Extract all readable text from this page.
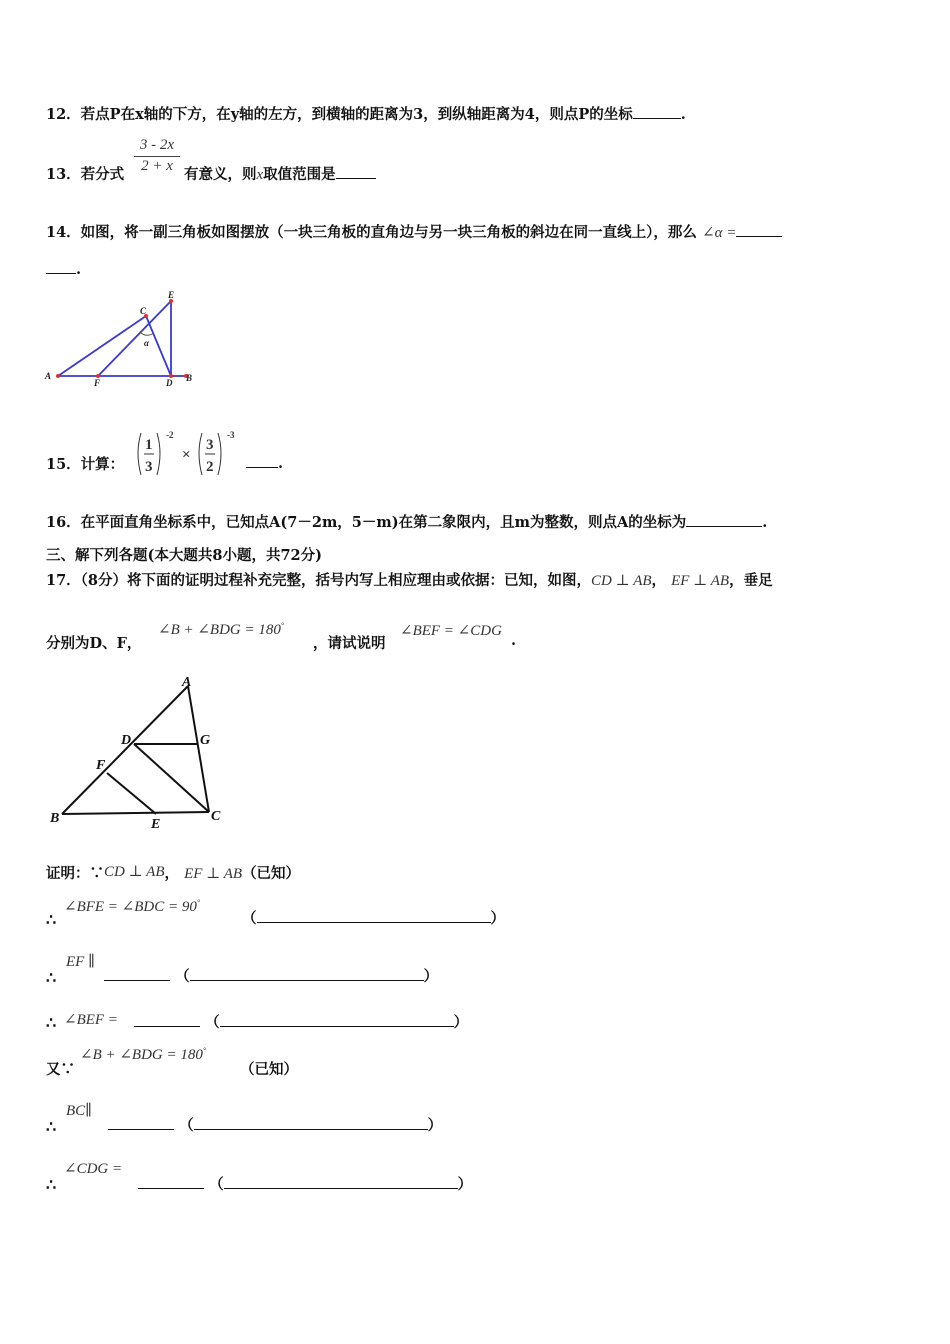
12．若点P在x轴的下方，在y轴的左方，到横轴的距离为3，到纵轴距离为4，则点P的坐标	.
13．若分式 $\frac{3 - 2x}{2 + x}$ 有意义，则x取值范围是
14．如图，将一副三角板如图摆放（一块三角板的直角边与另一块三角板的斜边在同一直线上），那么 ∠α =
.
C
E
A
F	D B
α
15．计算：
1
3
-2
×
3
2
-3
.
16．在平面直角坐标系中，已知点A(7－2m，5－m)在第二象限内，且m为整数，则点A的坐标为	.
三、解下列各题(本大题共8小题，共72分)
17．（8分）将下面的证明过程补充完整，括号内写上相应理由或依据：已知，如图，CD ⊥ AB， EF ⊥ AB，垂足
分别为D、F，
∠B + ∠BDG = 180°
，请试说明
∠BEF = ∠CDG
.
A
D	G
F
B	E
C
证明：∵CD ⊥ AB， EF ⊥ AB（已知）
∴
∠BFE = ∠BDC = 90°
（	）
∴
EF ∥
（	）
∴ ∠BEF =	（	）
又∵
∠B + ∠BDG = 180°
（已知）
∴
BC∥
（	）
∴
∠CDG =
（	）
